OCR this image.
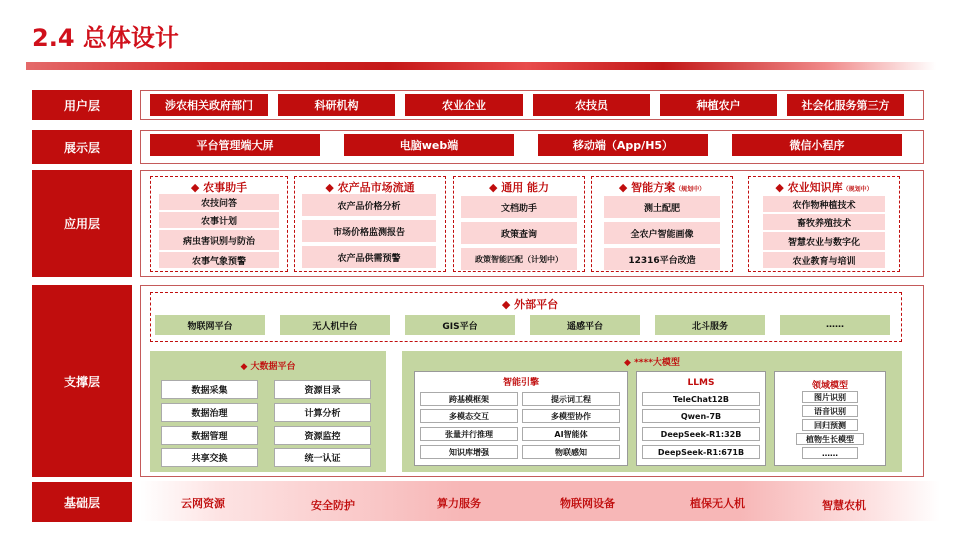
2.4 总体设计
用户层
展示层
应用层
支撑层
基础层
涉农相关政府部门	科研机构	农业企业	农技员	种植农户	社会化服务第三方
平台管理端大屏	电脑web端	移动端（App/H5）	微信小程序
◆ 农事助手
农技问答
农事计划
病虫害识别与防治
农事气象预警
◆ 农产品市场流通
农产品价格分析
市场价格监测报告
农产品供需预警
◆ 通用 能力
文档助手
政策查询
政策智能匹配（计划中）
◆ 智能方案（规划中）
测土配肥
全农户智能画像
12316平台改造
◆ 农业知识库（规划中）
农作物种植技术
畜牧养殖技术
智慧农业与数字化
农业教育与培训
◆ 外部平台
物联网平台	无人机中台	GIS平台	遥感平台	北斗服务	……
◆ 大数据平台
数据采集	资源目录
数据治理	计算分析
数据管理	资源监控
共享交换	统一认证
◆ ****大模型
智能引擎
跨基模框架	提示词工程
多模态交互	多模型协作
张量并行推理	AI智能体
知识库增强	物联感知
LLMS
TeleChat12B
Qwen-7B
DeepSeek-R1:32B
DeepSeek-R1:671B
领域模型
图片识别
语音识别
回归预测
植物生长模型
……
云网资源	安全防护	算力服务	物联网设备	植保无人机	智慧农机
